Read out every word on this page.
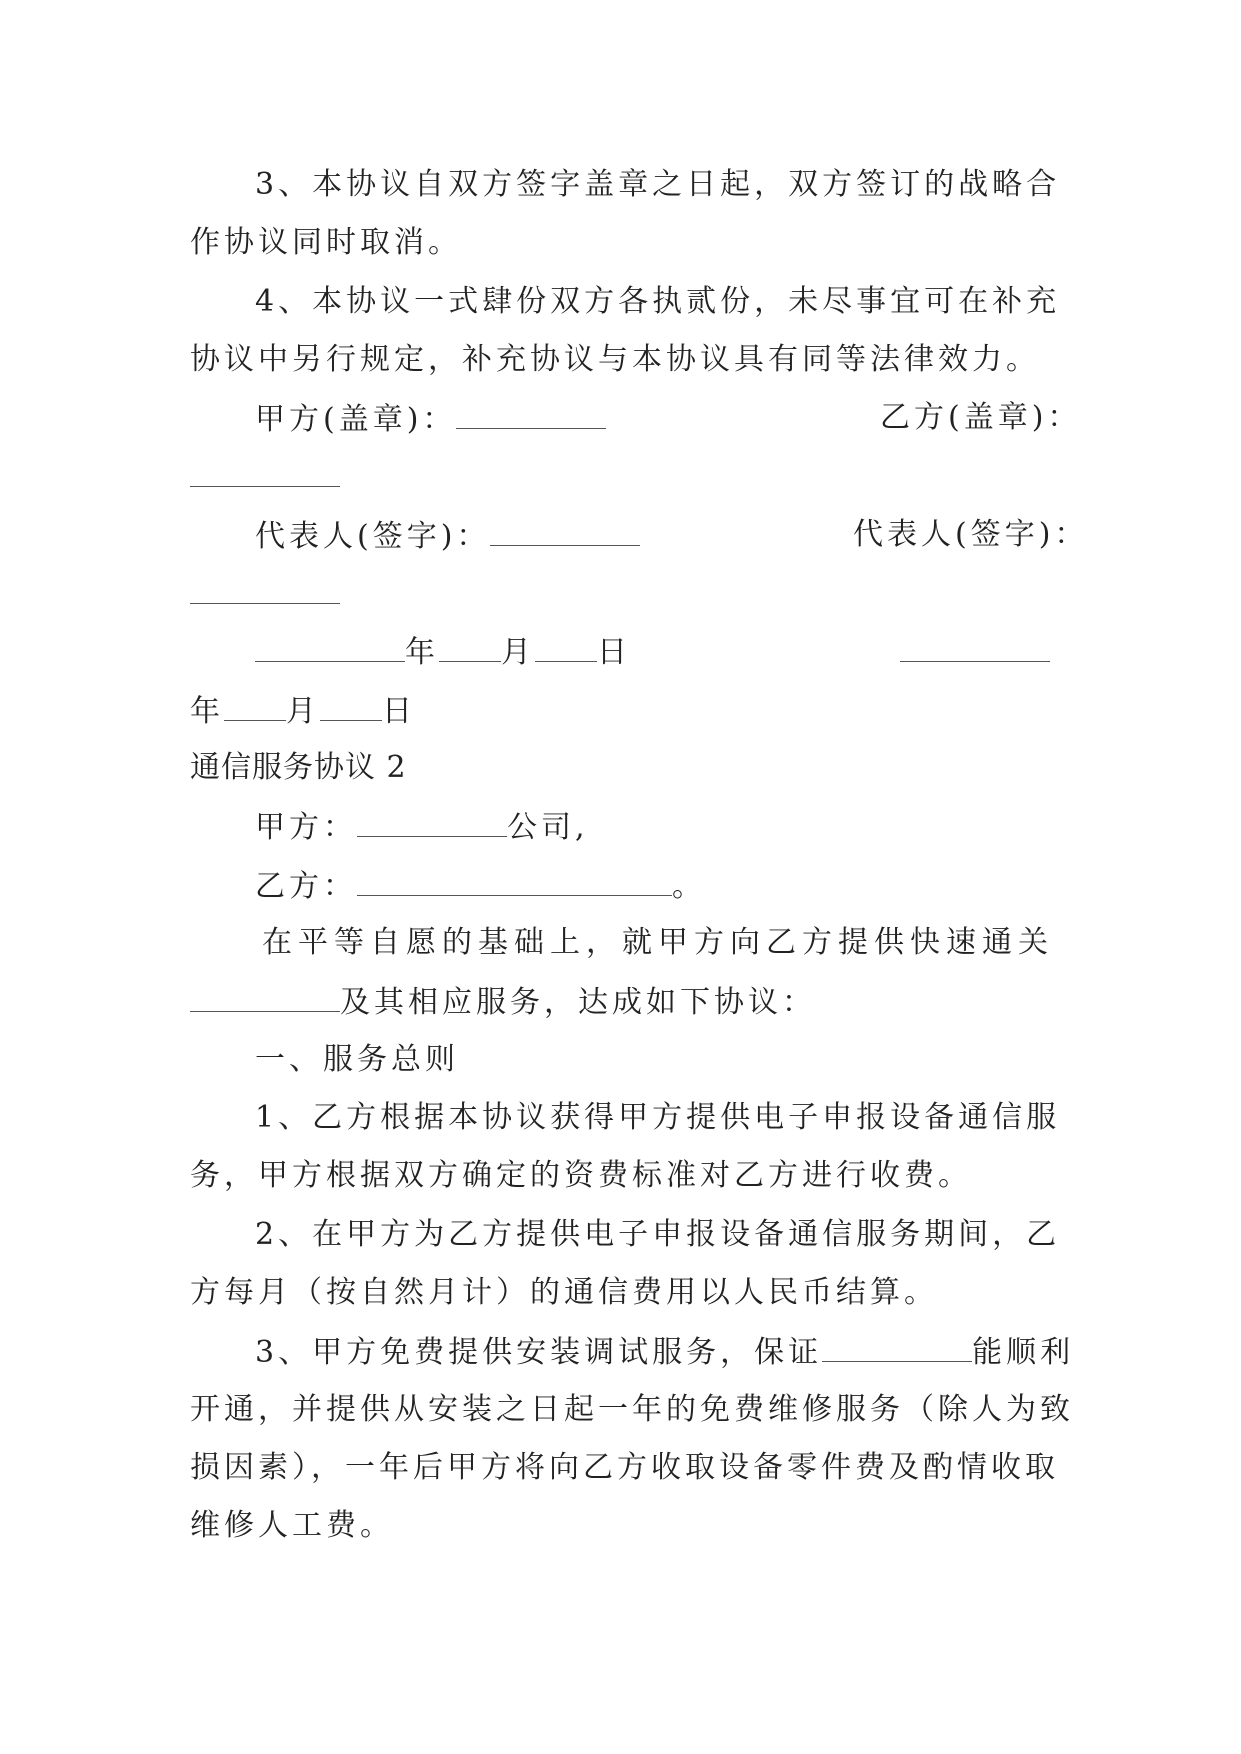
3、本协议自双方签字盖章之日起，双方签订的战略合
作协议同时取消。
4、本协议一式肆份双方各执贰份，未尽事宜可在补充
协议中另行规定，补充协议与本协议具有同等法律效力。
甲方(盖章)：	乙方(盖章)：
代表人(签字)：	代表人(签字)：
年 月 日
年 月 日
通信服务协议 2
甲方：	公司,
乙方：	。
在平等自愿的基础上，就甲方向乙方提供快速通关
及其相应服务，达成如下协议：
一、服务总则
1、乙方根据本协议获得甲方提供电子申报设备通信服
务，甲方根据双方确定的资费标准对乙方进行收费。
2、在甲方为乙方提供电子申报设备通信服务期间，乙
方每月（按自然月计）的通信费用以人民币结算。
3、甲方免费提供安装调试服务，保证	能顺利
开通，并提供从安装之日起一年的免费维修服务（除人为致
损因素），一年后甲方将向乙方收取设备零件费及酌情收取
维修人工费。
